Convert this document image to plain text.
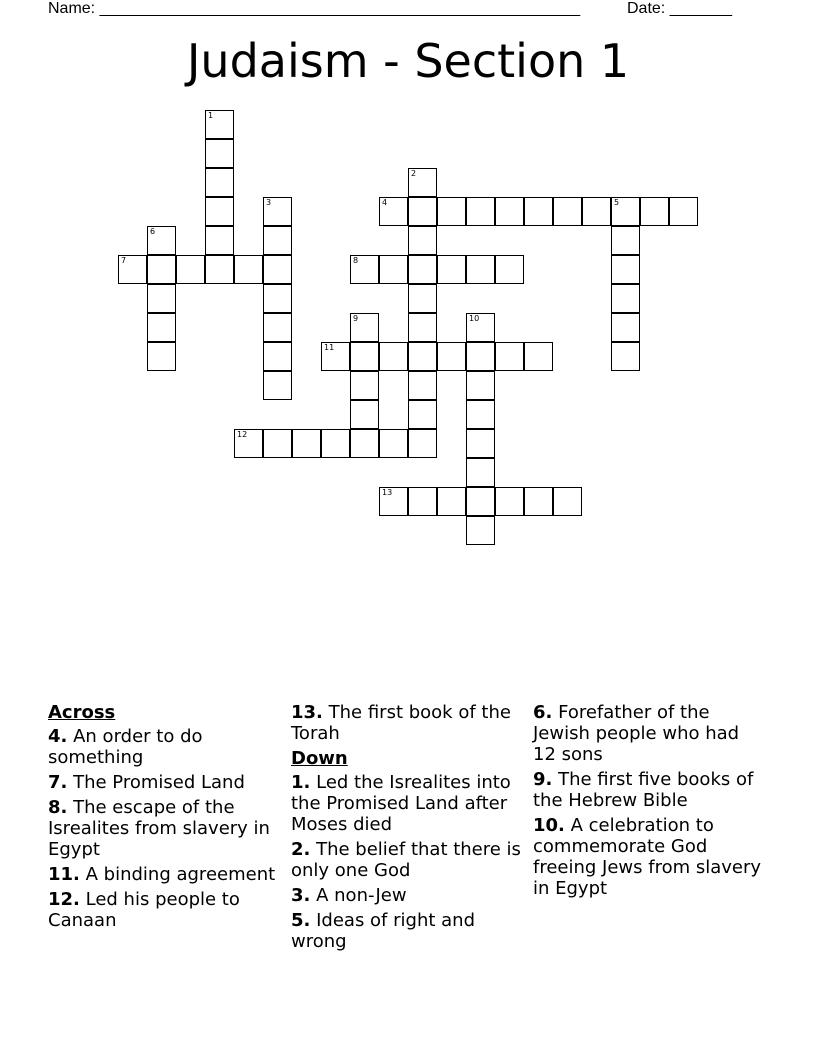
Name: ______________________________________________________	Date: _______
Judaism - Section 1
1
2
3	4	5
6
7	8
9	10
11
12
13
Across
4. An order to do something
7. The Promised Land
8. The escape of the Isrealites from slavery in Egypt
11. A binding agreement
12. Led his people to Canaan
13. The first book of the Torah
Down
1. Led the Isrealites into the Promised Land after Moses died
2. The belief that there is only one God
3. A non-Jew
5. Ideas of right and wrong
6. Forefather of the Jewish people who had 12 sons
9. The first five books of the Hebrew Bible
10. A celebration to commemorate God freeing Jews from slavery in Egypt
